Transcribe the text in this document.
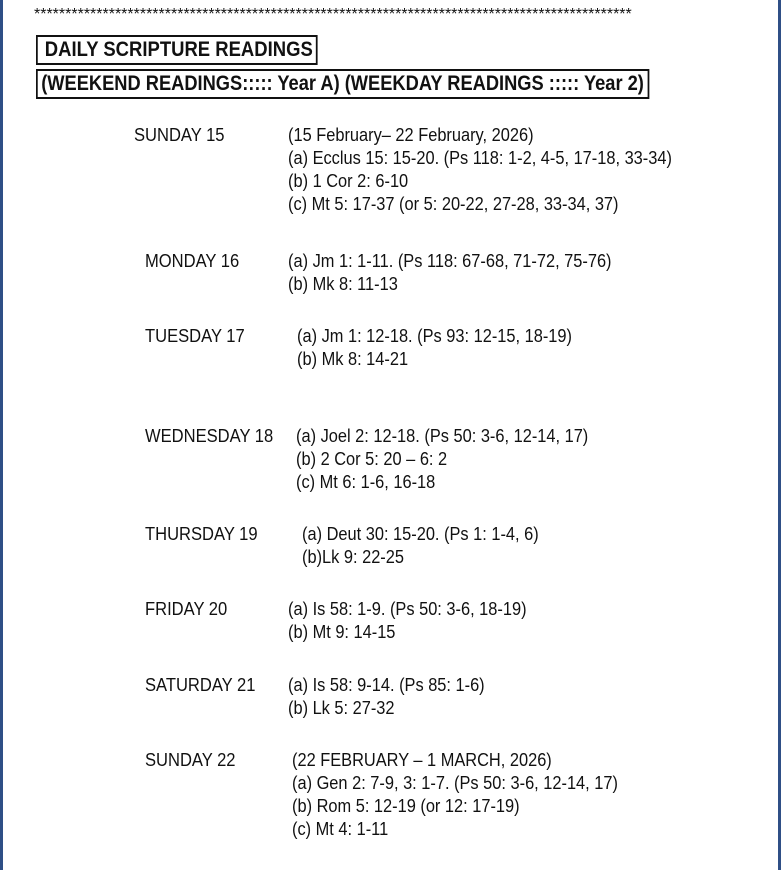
************************************************************************************************
DAILY SCRIPTURE READINGS
(WEEKEND READINGS::::: Year A) (WEEKDAY READINGS ::::: Year 2)
SUNDAY 15	(15 February– 22 February, 2026)
(a) Ecclus 15: 15-20. (Ps 118: 1-2, 4-5, 17-18, 33-34)
(b) 1 Cor 2: 6-10
(c) Mt 5: 17-37 (or 5: 20-22, 27-28, 33-34, 37)
MONDAY 16	(a) Jm 1: 1-11. (Ps 118: 67-68, 71-72, 75-76)
(b) Mk 8: 11-13
TUESDAY 17	(a) Jm 1: 12-18. (Ps 93: 12-15, 18-19)
(b) Mk 8: 14-21
WEDNESDAY 18 (a) Joel 2: 12-18. (Ps 50: 3-6, 12-14, 17)
(b) 2 Cor 5: 20 – 6: 2
(c) Mt 6: 1-6, 16-18
THURSDAY 19 (a) Deut 30: 15-20. (Ps 1: 1-4, 6)
(b)Lk 9: 22-25
FRIDAY 20	(a) Is 58: 1-9. (Ps 50: 3-6, 18-19)
(b) Mt 9: 14-15
SATURDAY 21 (a) Is 58: 9-14. (Ps 85: 1-6)
(b) Lk 5: 27-32
SUNDAY 22	(22 FEBRUARY – 1 MARCH, 2026)
(a) Gen 2: 7-9, 3: 1-7. (Ps 50: 3-6, 12-14, 17)
(b) Rom 5: 12-19 (or 12: 17-19)
(c) Mt 4: 1-11
